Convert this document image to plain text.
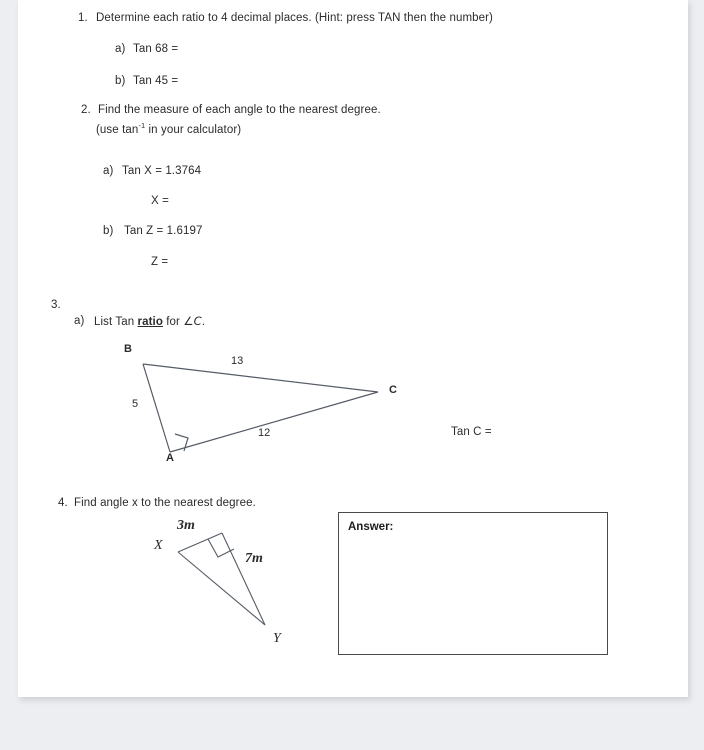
1. Determine each ratio to 4 decimal places. (Hint: press TAN then the number)
a) Tan 68 =
b) Tan 45 =
2. Find the measure of each angle to the nearest degree.
(use $\tan^{-1}$ in your calculator)
a) Tan X = 1.3764
X =
b) Tan Z = 1.6197
Z =
3.
a) List Tan ratio for ∠C.
B
C
A
13
5
12	Tan C =
4. Find angle x to the nearest degree.
3m
7m
X
Y
Answer:
